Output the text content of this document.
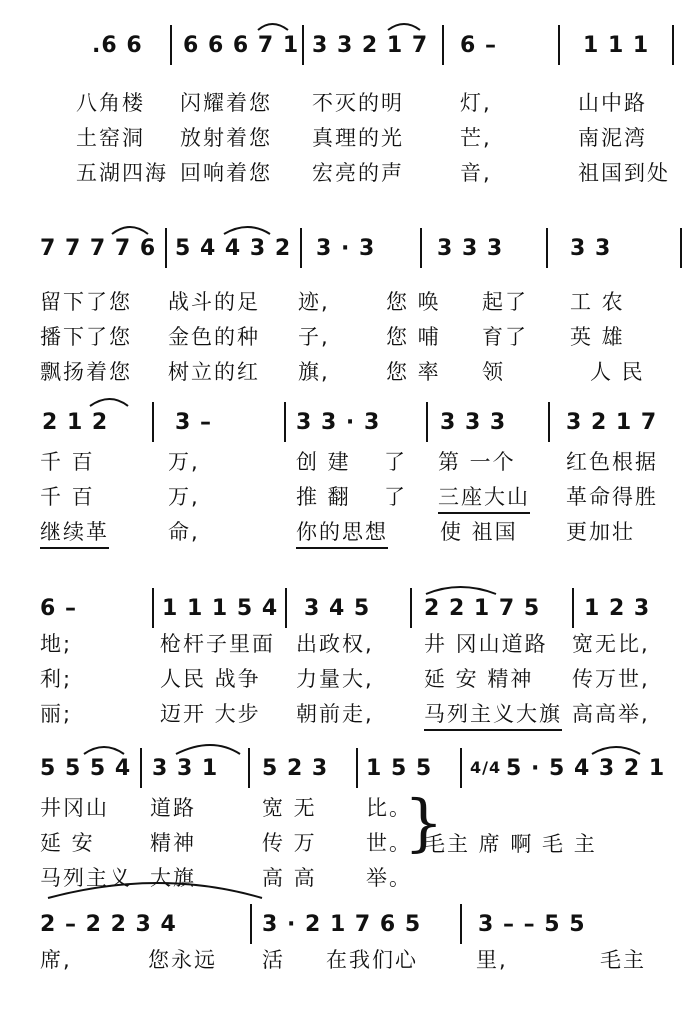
.6 6 6 6 6 7 1 3 3 2 1 7 6 –	1 1 1
八角楼 闪耀着您 不灭的明	灯,	山中路
土窑洞 放射着您 真理的光	芒,	南泥湾
五湖四海 回响着您 宏亮的声	音,	祖国到处
7 7 7 7 6 5 4 4 3 2 3 · 3	3 3 3	3 3
留下了您 战斗的足 迹,	您 唤 起了 工 农
播下了您 金色的种 子,	您 哺 育了 英 雄
飘扬着您 树立的红 旗,	您 率 领	人 民
2 1 2	3 –	3 3 · 3	3 3 3	3 2 1 7
千 百	万,	创 建 了 第 一个 红色根据
千 百	万,	推 翻 了 三座大山 革命得胜
继续革	命,	你的思想 使 祖国 更加壮
6 –	1 1 1 5 4 3 4 5 2 2 1 7 5 1 2 3
地;	枪杆子里面 出政权, 井 冈山道路 宽无比,
利;	人民 战争 力量大, 延 安 精神 传万世,
丽;	迈开 大步 朝前走, 马列主义大旗 高高举,
5 5 5 4 3 3 1 5 2 3 1 5 5 4/4 5 · 5 4 3 2 1
井冈山 道路	宽 无 比。
延 安	精神	传 万 世。
马列主义 大旗	高 高 举。
}
毛主 席 啊 毛 主
2 – 2 2 3 4	3 · 2 1 7 6 5	3 – – 5 5
席,	您永远 活 在我们心	里,	毛主
